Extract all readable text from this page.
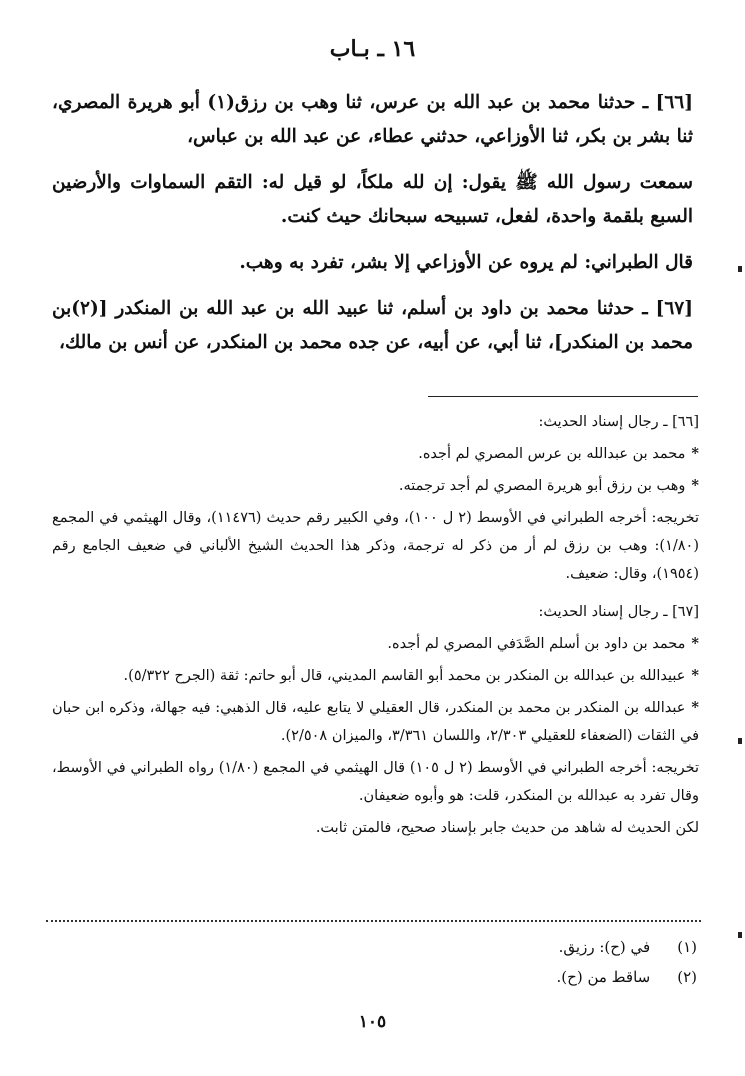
١٦ ـ بـاب

[٦٦] ـ حدثنا محمد بن عبد الله بن عرس، ثنا وهب بن رزق(١) أبو هريرة المصري، ثنا بشر بن بكر، ثنا الأوزاعي، حدثني عطاء، عن عبد الله بن عباس،

سمعت رسول الله ﷺ يقول: إن لله ملكاً، لو قيل له: التقم السماوات والأرضين السبع بلقمة واحدة، لفعل، تسبيحه سبحانك حيث كنت.

قال الطبراني: لم يروه عن الأوزاعي إلا بشر، تفرد به وهب.

[٦٧] ـ حدثنا محمد بن داود بن أسلم، ثنا عبيد الله بن عبد الله بن المنكدر [(٢)بن محمد بن المنكدر]، ثنا أبي، عن أبيه، عن جده محمد بن المنكدر، عن أنس بن مالك،

[٦٦] ـ رجال إسناد الحديث:

*محمد بن عبدالله بن عرس المصري لم أجده.

*وهب بن رزق أبو هريرة المصري لم أجد ترجمته.

تخريجه: أخرجه الطبراني في الأوسط (٢ ل ١٠٠)، وفي الكبير رقم حديث (١١٤٧٦)، وقال الهيثمي في المجمع (١/٨٠): وهب بن رزق لم أر من ذكر له ترجمة، وذكر هذا الحديث الشيخ الألباني في ضعيف الجامع رقم (١٩٥٤)، وقال: ضعيف.

[٦٧] ـ رجال إسناد الحديث:

*محمد بن داود بن أسلم الصَّدَفي المصري لم أجده.

*عبيدالله بن عبدالله بن المنكدر بن محمد أبو القاسم المديني، قال أبو حاتم: ثقة (الجرح ٥/٣٢٢).

*عبدالله بن المنكدر بن محمد بن المنكدر، قال العقيلي لا يتابع عليه، قال الذهبي: فيه جهالة، وذكره ابن حبان في الثقات (الضعفاء للعقيلي ٢/٣٠٣، واللسان ٣/٣٦١، والميزان ٢/٥٠٨).

تخريجه: أخرجه الطبراني في الأوسط (٢ ل ١٠٥) قال الهيثمي في المجمع (١/٨٠) رواه الطبراني في الأوسط، وقال تفرد به عبدالله بن المنكدر، قلت: هو وأبوه ضعيفان.

لكن الحديث له شاهد من حديث جابر بإسناد صحيح، فالمتن ثابت.

(١) في (ح): رزيق.
(٢) ساقط من (ح).
١٠٥
